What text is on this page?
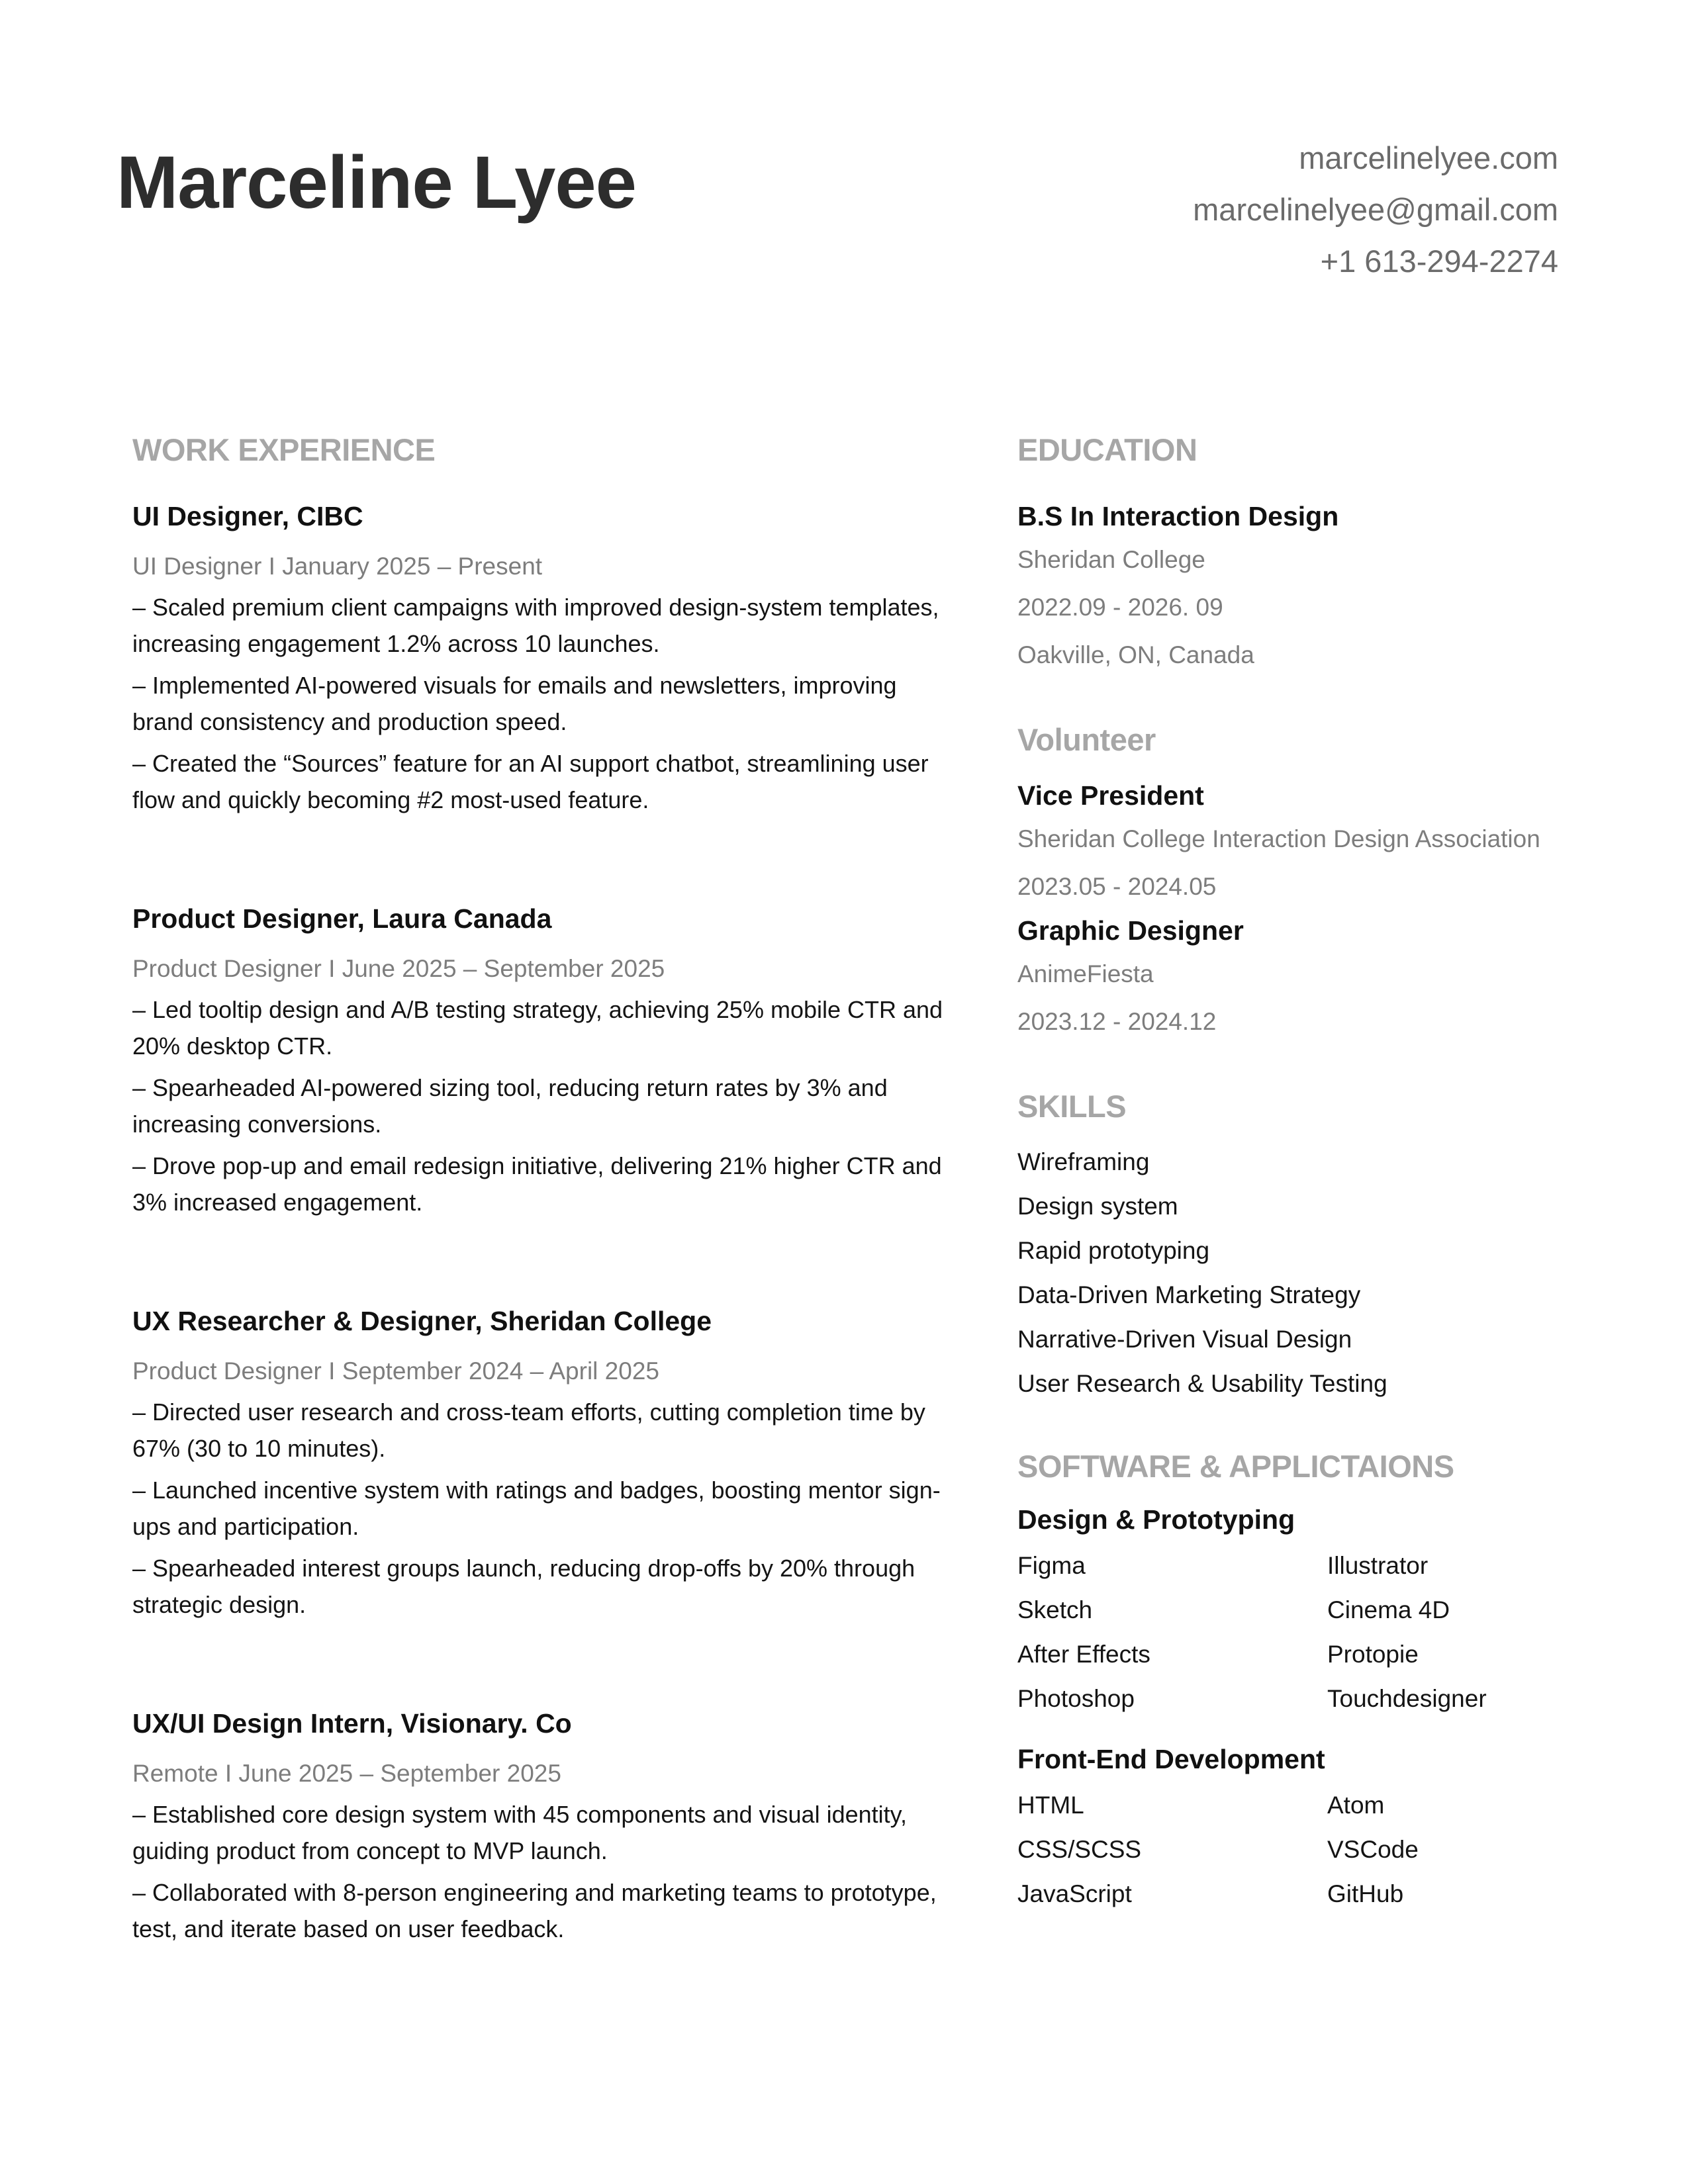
Marceline Lyee	marcelinelyee.com
marcelinelyee@gmail.com
+1 613-294-2274
WORK EXPERIENCE
UI Designer, CIBC
UI Designer I January 2025 – Present
– Scaled premium client campaigns with improved design-system templates, increasing engagement 1.2% across 10 launches.
– Implemented AI-powered visuals for emails and newsletters, improving brand consistency and production speed.
– Created the “Sources” feature for an AI support chatbot, streamlining user flow and quickly becoming #2 most-used feature.
Product Designer, Laura Canada
Product Designer I June 2025 – September 2025
– Led tooltip design and A/B testing strategy, achieving 25% mobile CTR and 20% desktop CTR.
– Spearheaded AI-powered sizing tool, reducing return rates by 3% and increasing conversions.
– Drove pop-up and email redesign initiative, delivering 21% higher CTR and 3% increased engagement.
UX Researcher & Designer, Sheridan College
Product Designer I September 2024 – April 2025
– Directed user research and cross-team efforts, cutting completion time by 67% (30 to 10 minutes).
– Launched incentive system with ratings and badges, boosting mentor sign-ups and participation.
– Spearheaded interest groups launch, reducing drop-offs by 20% through strategic design.
UX/UI Design Intern, Visionary. Co
Remote I June 2025 – September 2025
– Established core design system with 45 components and visual identity, guiding product from concept to MVP launch.
– Collaborated with 8-person engineering and marketing teams to prototype, test, and iterate based on user feedback.
EDUCATION
B.S In Interaction Design
Sheridan College
2022.09 - 2026. 09
Oakville, ON, Canada
Volunteer
Vice President
Sheridan College Interaction Design Association
2023.05 - 2024.05
Graphic Designer
AnimeFiesta
2023.12 - 2024.12
SKILLS
Wireframing
Design system
Rapid prototyping
Data-Driven Marketing Strategy
Narrative-Driven Visual Design
User Research & Usability Testing
SOFTWARE & APPLICTAIONS
Design & Prototyping
Figma	Illustrator
Sketch	Cinema 4D
After Effects	Protopie
Photoshop	Touchdesigner
Front-End Development
HTML	Atom
CSS/SCSS	VSCode
JavaScript	GitHub
